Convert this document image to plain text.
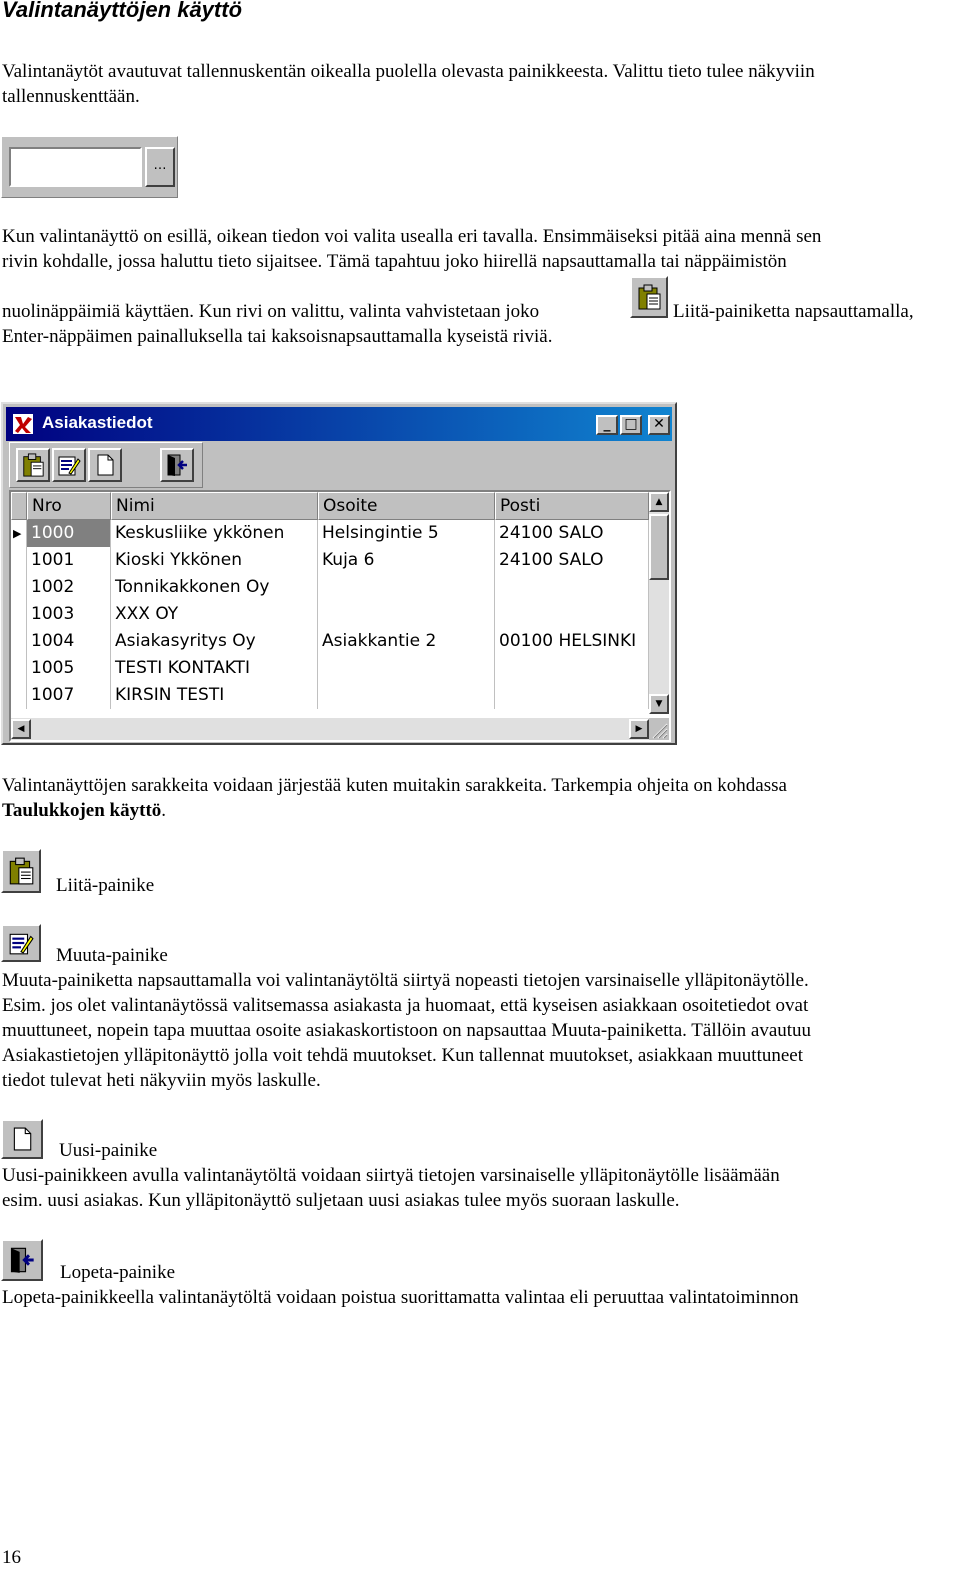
Valintanäyttöjen käyttö
Valintanäytöt avautuvat tallennuskentän oikealla puolella olevasta painikkeesta. Valittu tieto tulee näkyviin tallennuskenttään.
…
Kun valintanäyttö on esillä, oikean tiedon voi valita usealla eri tavalla. Ensimmäiseksi pitää aina mennä sen
rivin kohdalle, jossa haluttu tieto sijaitsee. Tämä tapahtuu joko hiirellä napsauttamalla tai näppäimistön
nuolinäppäimiä käyttäen. Kun rivi on valittu, valinta vahvistetaan joko	Liitä-painiketta napsauttamalla,
Enter-näppäimen painalluksella tai kaksoisnapsauttamalla kyseistä riviä.
Asiakastiedot	_ □	✕
Nro	Nimi	Osoite	Posti
▶ 1000	Keskusliike ykkönen	Helsingintie 5	24100 SALO
1001	Kioski Ykkönen	Kuja 6	24100 SALO
1002	Tonnikakkonen Oy
1003	XXX OY
1004	Asiakasyritys Oy	Asiakkantie 2	00100 HELSINKI
1005	TESTI KONTAKTI
1007	KIRSIN TESTI
▲
▼
◀	▶
Valintanäyttöjen sarakkeita voidaan järjestää kuten muitakin sarakkeita. Tarkempia ohjeita on kohdassa
Taulukkojen käyttö.
Liitä-painike
Muuta-painike
Muuta-painiketta napsauttamalla voi valintanäytöltä siirtyä nopeasti tietojen varsinaiselle ylläpitonäytölle.
Esim. jos olet valintanäytössä valitsemassa asiakasta ja huomaat, että kyseisen asiakkaan osoitetiedot ovat
muuttuneet, nopein tapa muuttaa osoite asiakaskortistoon on napsauttaa Muuta-painiketta. Tällöin avautuu
Asiakastietojen ylläpitonäyttö jolla voit tehdä muutokset. Kun tallennat muutokset, asiakkaan muuttuneet
tiedot tulevat heti näkyviin myös laskulle.
Uusi-painike
Uusi-painikkeen avulla valintanäytöltä voidaan siirtyä tietojen varsinaiselle ylläpitonäytölle lisäämään
esim. uusi asiakas. Kun ylläpitonäyttö suljetaan uusi asiakas tulee myös suoraan laskulle.
Lopeta-painike
Lopeta-painikkeella valintanäytöltä voidaan poistua suorittamatta valintaa eli peruuttaa valintatoiminnon
16
